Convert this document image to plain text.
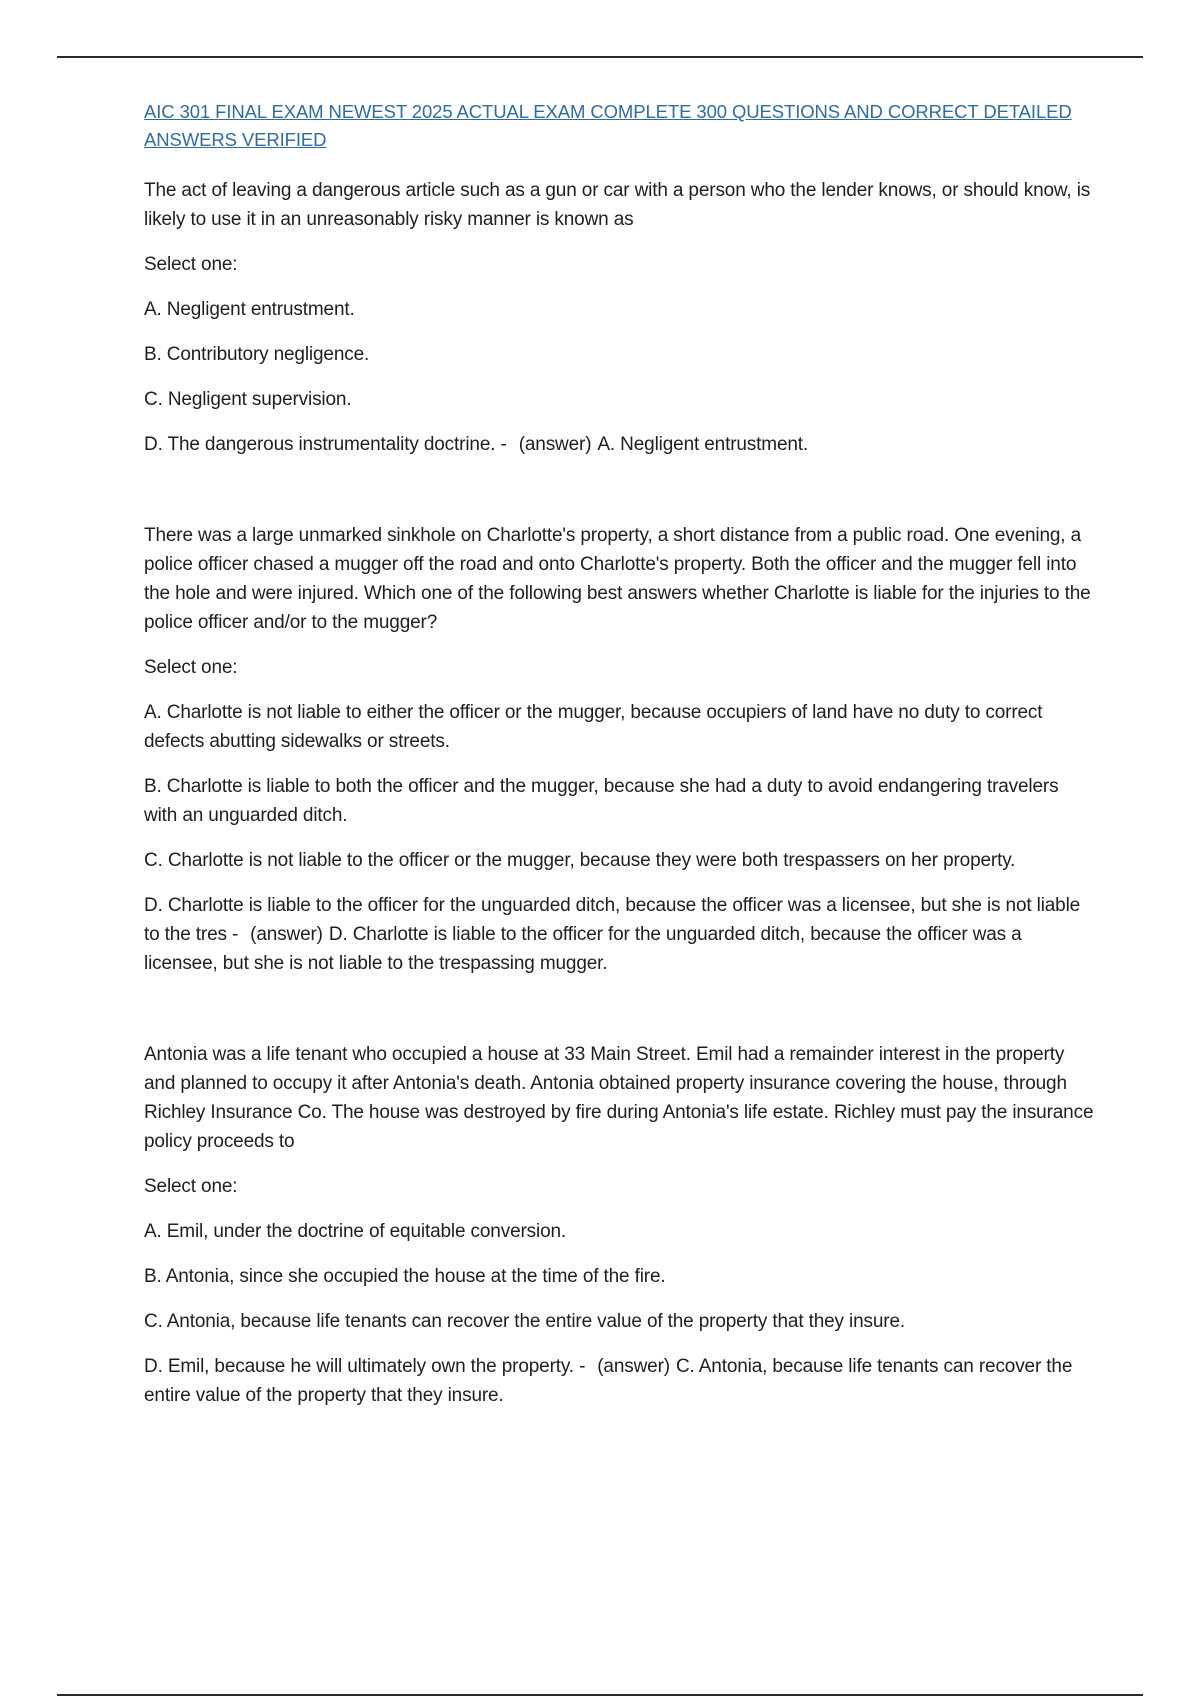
AIC 301 FINAL EXAM NEWEST 2025 ACTUAL EXAM COMPLETE 300 QUESTIONS AND CORRECT DETAILED ANSWERS VERIFIED
The act of leaving a dangerous article such as a gun or car with a person who the lender knows, or should know, is likely to use it in an unreasonably risky manner is known as
Select one:
A. Negligent entrustment.
B. Contributory negligence.
C. Negligent supervision.
D. The dangerous instrumentality doctrine. - (answer) A. Negligent entrustment.
There was a large unmarked sinkhole on Charlotte's property, a short distance from a public road. One evening, a police officer chased a mugger off the road and onto Charlotte's property. Both the officer and the mugger fell into the hole and were injured. Which one of the following best answers whether Charlotte is liable for the injuries to the police officer and/or to the mugger?
Select one:
A. Charlotte is not liable to either the officer or the mugger, because occupiers of land have no duty to correct defects abutting sidewalks or streets.
B. Charlotte is liable to both the officer and the mugger, because she had a duty to avoid endangering travelers with an unguarded ditch.
C. Charlotte is not liable to the officer or the mugger, because they were both trespassers on her property.
D. Charlotte is liable to the officer for the unguarded ditch, because the officer was a licensee, but she is not liable to the tres - (answer) D. Charlotte is liable to the officer for the unguarded ditch, because the officer was a licensee, but she is not liable to the trespassing mugger.
Antonia was a life tenant who occupied a house at 33 Main Street. Emil had a remainder interest in the property and planned to occupy it after Antonia's death. Antonia obtained property insurance covering the house, through Richley Insurance Co. The house was destroyed by fire during Antonia's life estate. Richley must pay the insurance policy proceeds to
Select one:
A. Emil, under the doctrine of equitable conversion.
B. Antonia, since she occupied the house at the time of the fire.
C. Antonia, because life tenants can recover the entire value of the property that they insure.
D. Emil, because he will ultimately own the property. - (answer) C. Antonia, because life tenants can recover the entire value of the property that they insure.
